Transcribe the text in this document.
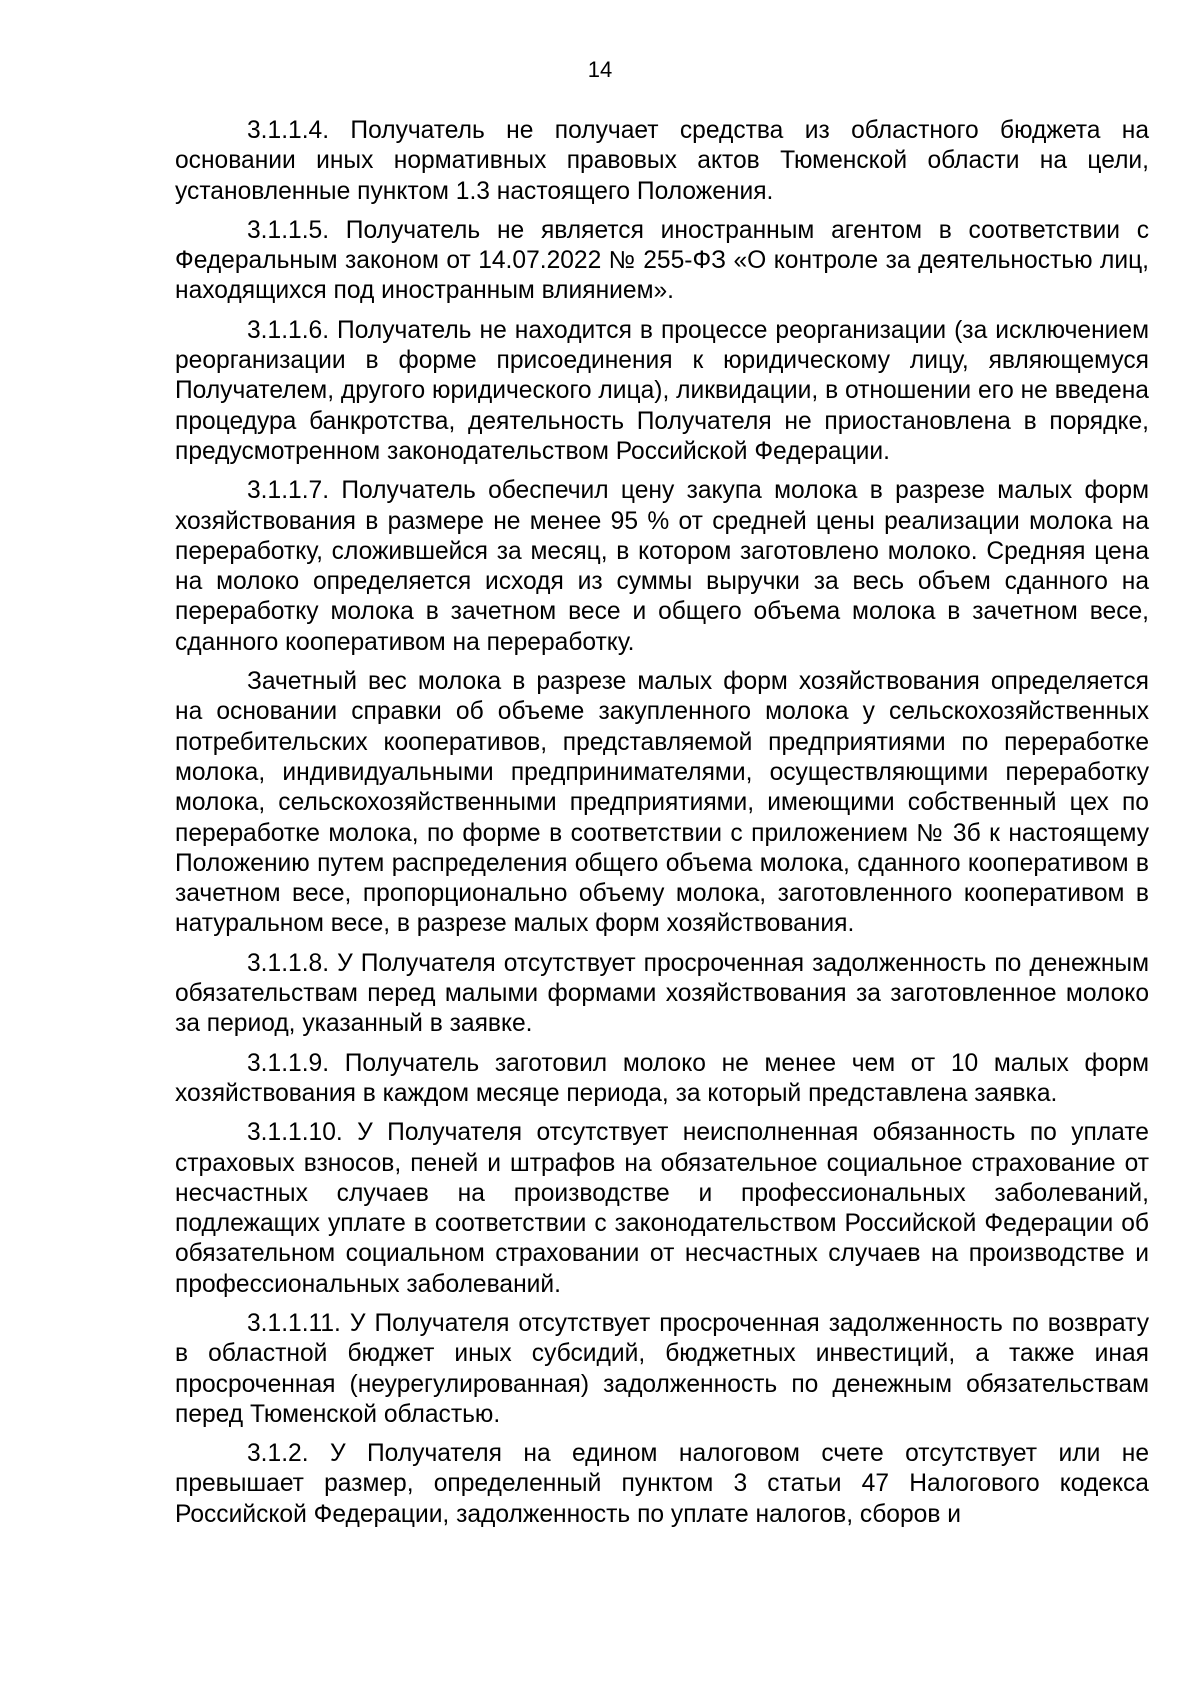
14

3.1.1.4. Получатель не получает средства из областного бюджета на основании иных нормативных правовых актов Тюменской области на цели, установленные пунктом 1.3 настоящего Положения.

3.1.1.5. Получатель не является иностранным агентом в соответствии с Федеральным законом от 14.07.2022 № 255-ФЗ «О контроле за деятельностью лиц, находящихся под иностранным влиянием».

3.1.1.6. Получатель не находится в процессе реорганизации (за исключением реорганизации в форме присоединения к юридическому лицу, являющемуся Получателем, другого юридического лица), ликвидации, в отношении его не введена процедура банкротства, деятельность Получателя не приостановлена в порядке, предусмотренном законодательством Российской Федерации.

3.1.1.7. Получатель обеспечил цену закупа молока в разрезе малых форм хозяйствования в размере не менее 95 % от средней цены реализации молока на переработку, сложившейся за месяц, в котором заготовлено молоко. Средняя цена на молоко определяется исходя из суммы выручки за весь объем сданного на переработку молока в зачетном весе и общего объема молока в зачетном весе, сданного кооперативом на переработку.

Зачетный вес молока в разрезе малых форм хозяйствования определяется на основании справки об объеме закупленного молока у сельскохозяйственных потребительских кооперативов, представляемой предприятиями по переработке молока, индивидуальными предпринимателями, осуществляющими переработку молока, сельскохозяйственными предприятиями, имеющими собственный цех по переработке молока, по форме в соответствии с приложением № 3б к настоящему Положению путем распределения общего объема молока, сданного кооперативом в зачетном весе, пропорционально объему молока, заготовленного кооперативом в натуральном весе, в разрезе малых форм хозяйствования.

3.1.1.8. У Получателя отсутствует просроченная задолженность по денежным обязательствам перед малыми формами хозяйствования за заготовленное молоко за период, указанный в заявке.

3.1.1.9. Получатель заготовил молоко не менее чем от 10 малых форм хозяйствования в каждом месяце периода, за который представлена заявка.

3.1.1.10. У Получателя отсутствует неисполненная обязанность по уплате страховых взносов, пеней и штрафов на обязательное социальное страхование от несчастных случаев на производстве и профессиональных заболеваний, подлежащих уплате в соответствии с законодательством Российской Федерации об обязательном социальном страховании от несчастных случаев на производстве и профессиональных заболеваний.

3.1.1.11. У Получателя отсутствует просроченная задолженность по возврату в областной бюджет иных субсидий, бюджетных инвестиций, а также иная просроченная (неурегулированная) задолженность по денежным обязательствам перед Тюменской областью.

3.1.2. У Получателя на едином налоговом счете отсутствует или не превышает размер, определенный пунктом 3 статьи 47 Налогового кодекса Российской Федерации, задолженность по уплате налогов, сборов и
